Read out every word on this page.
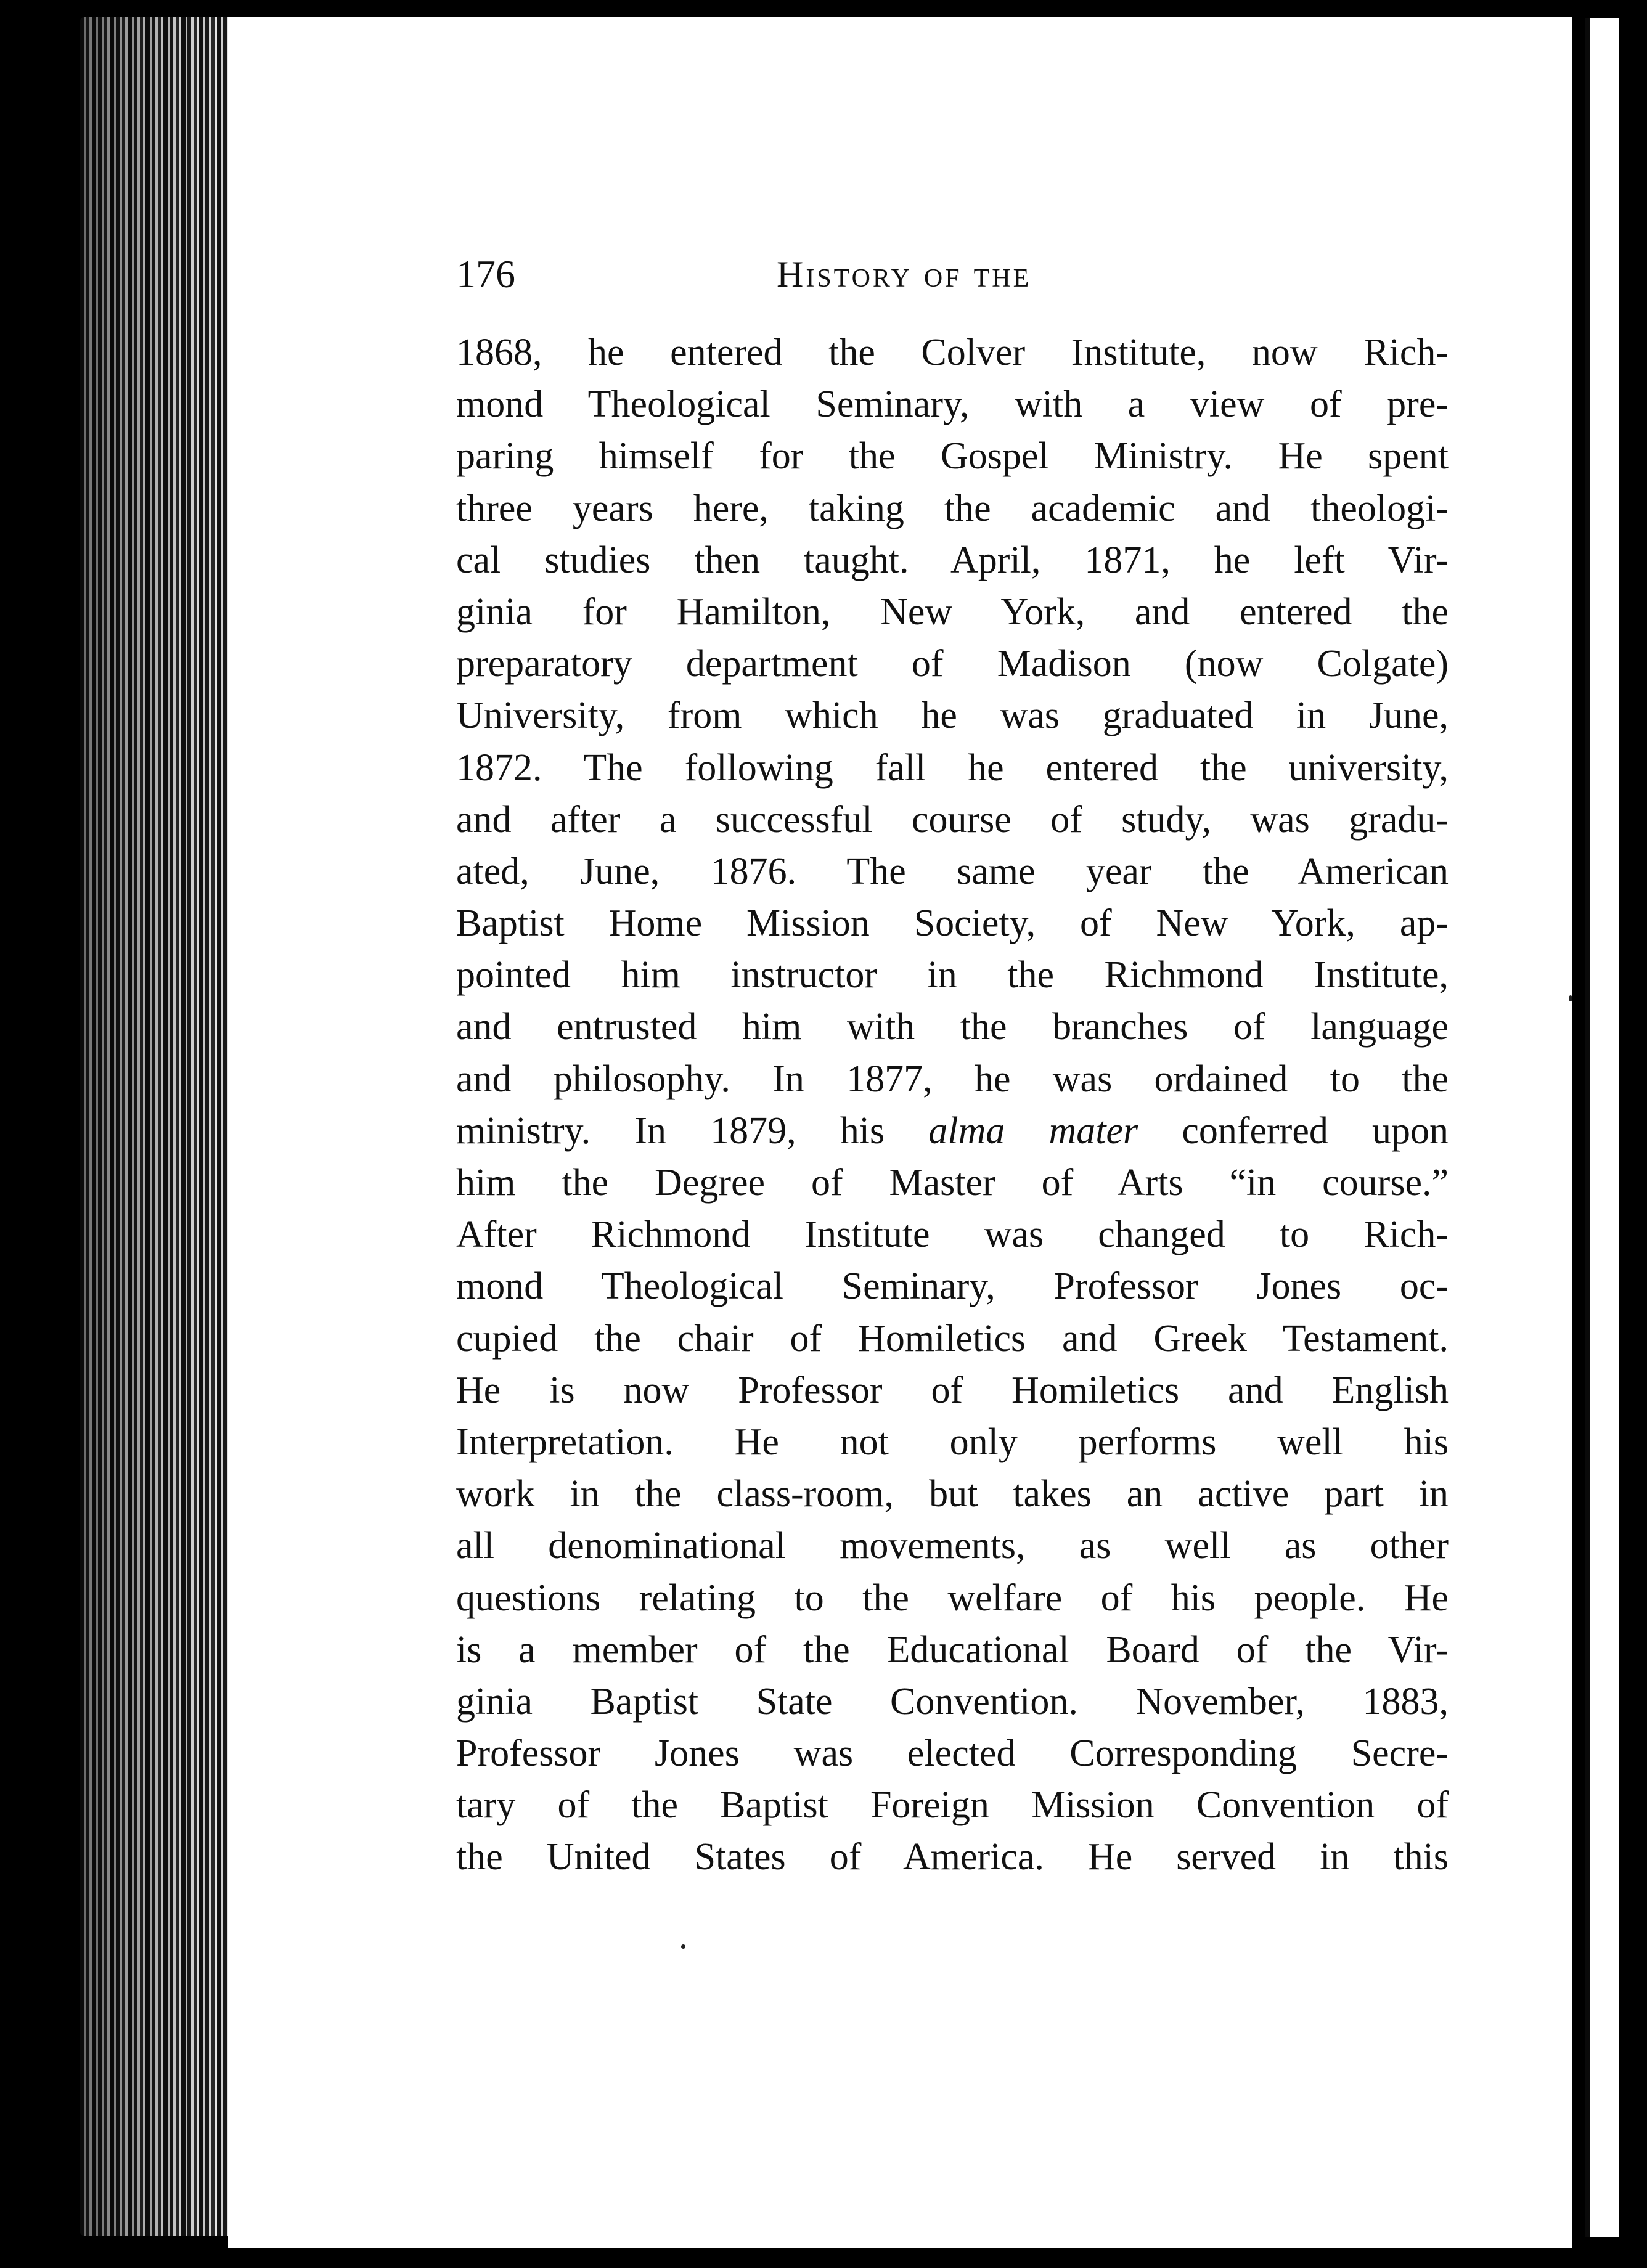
176	History of the
1868, he entered the Colver Institute, now Rich-
mond Theological Seminary, with a view of pre-
paring himself for the Gospel Ministry. He spent
three years here, taking the academic and theologi-
cal studies then taught. April, 1871, he left Vir-
ginia for Hamilton, New York, and entered the
preparatory department of Madison (now Colgate)
University, from which he was graduated in June,
1872. The following fall he entered the university,
and after a successful course of study, was gradu-
ated, June, 1876. The same year the American
Baptist Home Mission Society, of New York, ap-
pointed him instructor in the Richmond Institute,
and entrusted him with the branches of language
and philosophy. In 1877, he was ordained to the
ministry. In 1879, his alma mater conferred upon
him the Degree of Master of Arts “in course.”
After Richmond Institute was changed to Rich-
mond Theological Seminary, Professor Jones oc-
cupied the chair of Homiletics and Greek Testament.
He is now Professor of Homiletics and English
Interpretation. He not only performs well his
work in the class-room, but takes an active part in
all denominational movements, as well as other
questions relating to the welfare of his people. He
is a member of the Educational Board of the Vir-
ginia Baptist State Convention. November, 1883,
Professor Jones was elected Corresponding Secre-
tary of the Baptist Foreign Mission Convention of
the United States of America. He served in this
